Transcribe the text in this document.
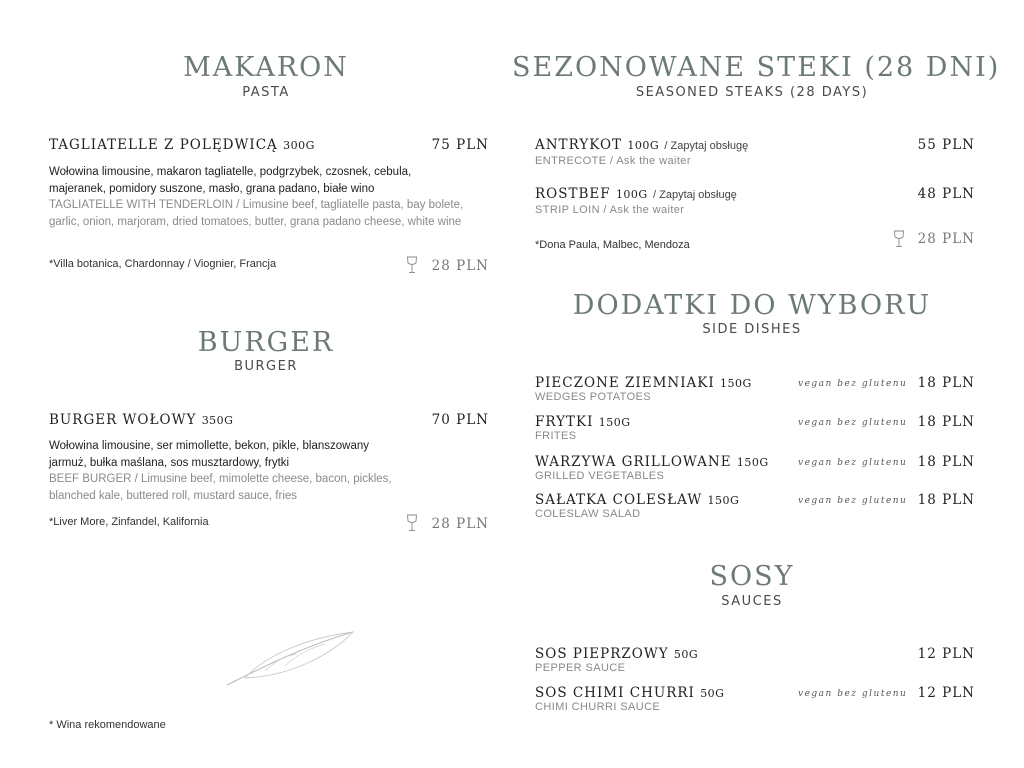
MAKARON
PASTA
TAGLIATELLE Z POLĘDWICĄ 300G	75 PLN
Wołowina limousine, makaron tagliatelle, podgrzybek, czosnek, cebula, majeranek, pomidory suszone, masło, grana padano, białe wino
TAGLIATELLE WITH TENDERLOIN / Limusine beef, tagliatelle pasta, bay bolete, garlic, onion, marjoram, dried tomatoes, butter, grana padano cheese, white wine
*Villa botanica, Chardonnay / Viognier, Francja	28 PLN
BURGER
BURGER
BURGER WOŁOWY 350G	70 PLN
Wołowina limousine, ser mimollette, bekon, pikle, blanszowany jarmuż, bułka maślana, sos musztardowy, frytki
BEEF BURGER / Limusine beef, mimolette cheese, bacon, pickles, blanched kale, buttered roll, mustard sauce, fries
*Liver More, Zinfandel, Kalifornia	28 PLN
* Wina rekomendowane
SEZONOWANE STEKI (28 DNI)
SEASONED STEAKS (28 DAYS)
ANTRYKOT 100G / Zapytaj obsługę
ENTRECOTE / Ask the waiter
55 PLN
ROSTBEF 100G / Zapytaj obsługę
STRIP LOIN / Ask the waiter
48 PLN
*Dona Paula, Malbec, Mendoza	28 PLN
DODATKI DO WYBORU
SIDE DISHES
PIECZONE ZIEMNIAKI 150G
WEDGES POTATOES
vegan bez glutenu 18 PLN
FRYTKI 150G
FRITES
vegan bez glutenu 18 PLN
WARZYWA GRILLOWANE 150G
GRILLED VEGETABLES
vegan bez glutenu 18 PLN
SAŁATKA COLESŁAW 150G
COLESLAW SALAD
vegan bez glutenu 18 PLN
SOSY
SAUCES
SOS PIEPRZOWY 50G
PEPPER SAUCE
12 PLN
SOS CHIMI CHURRI 50G
CHIMI CHURRI SAUCE
vegan bez glutenu 12 PLN
